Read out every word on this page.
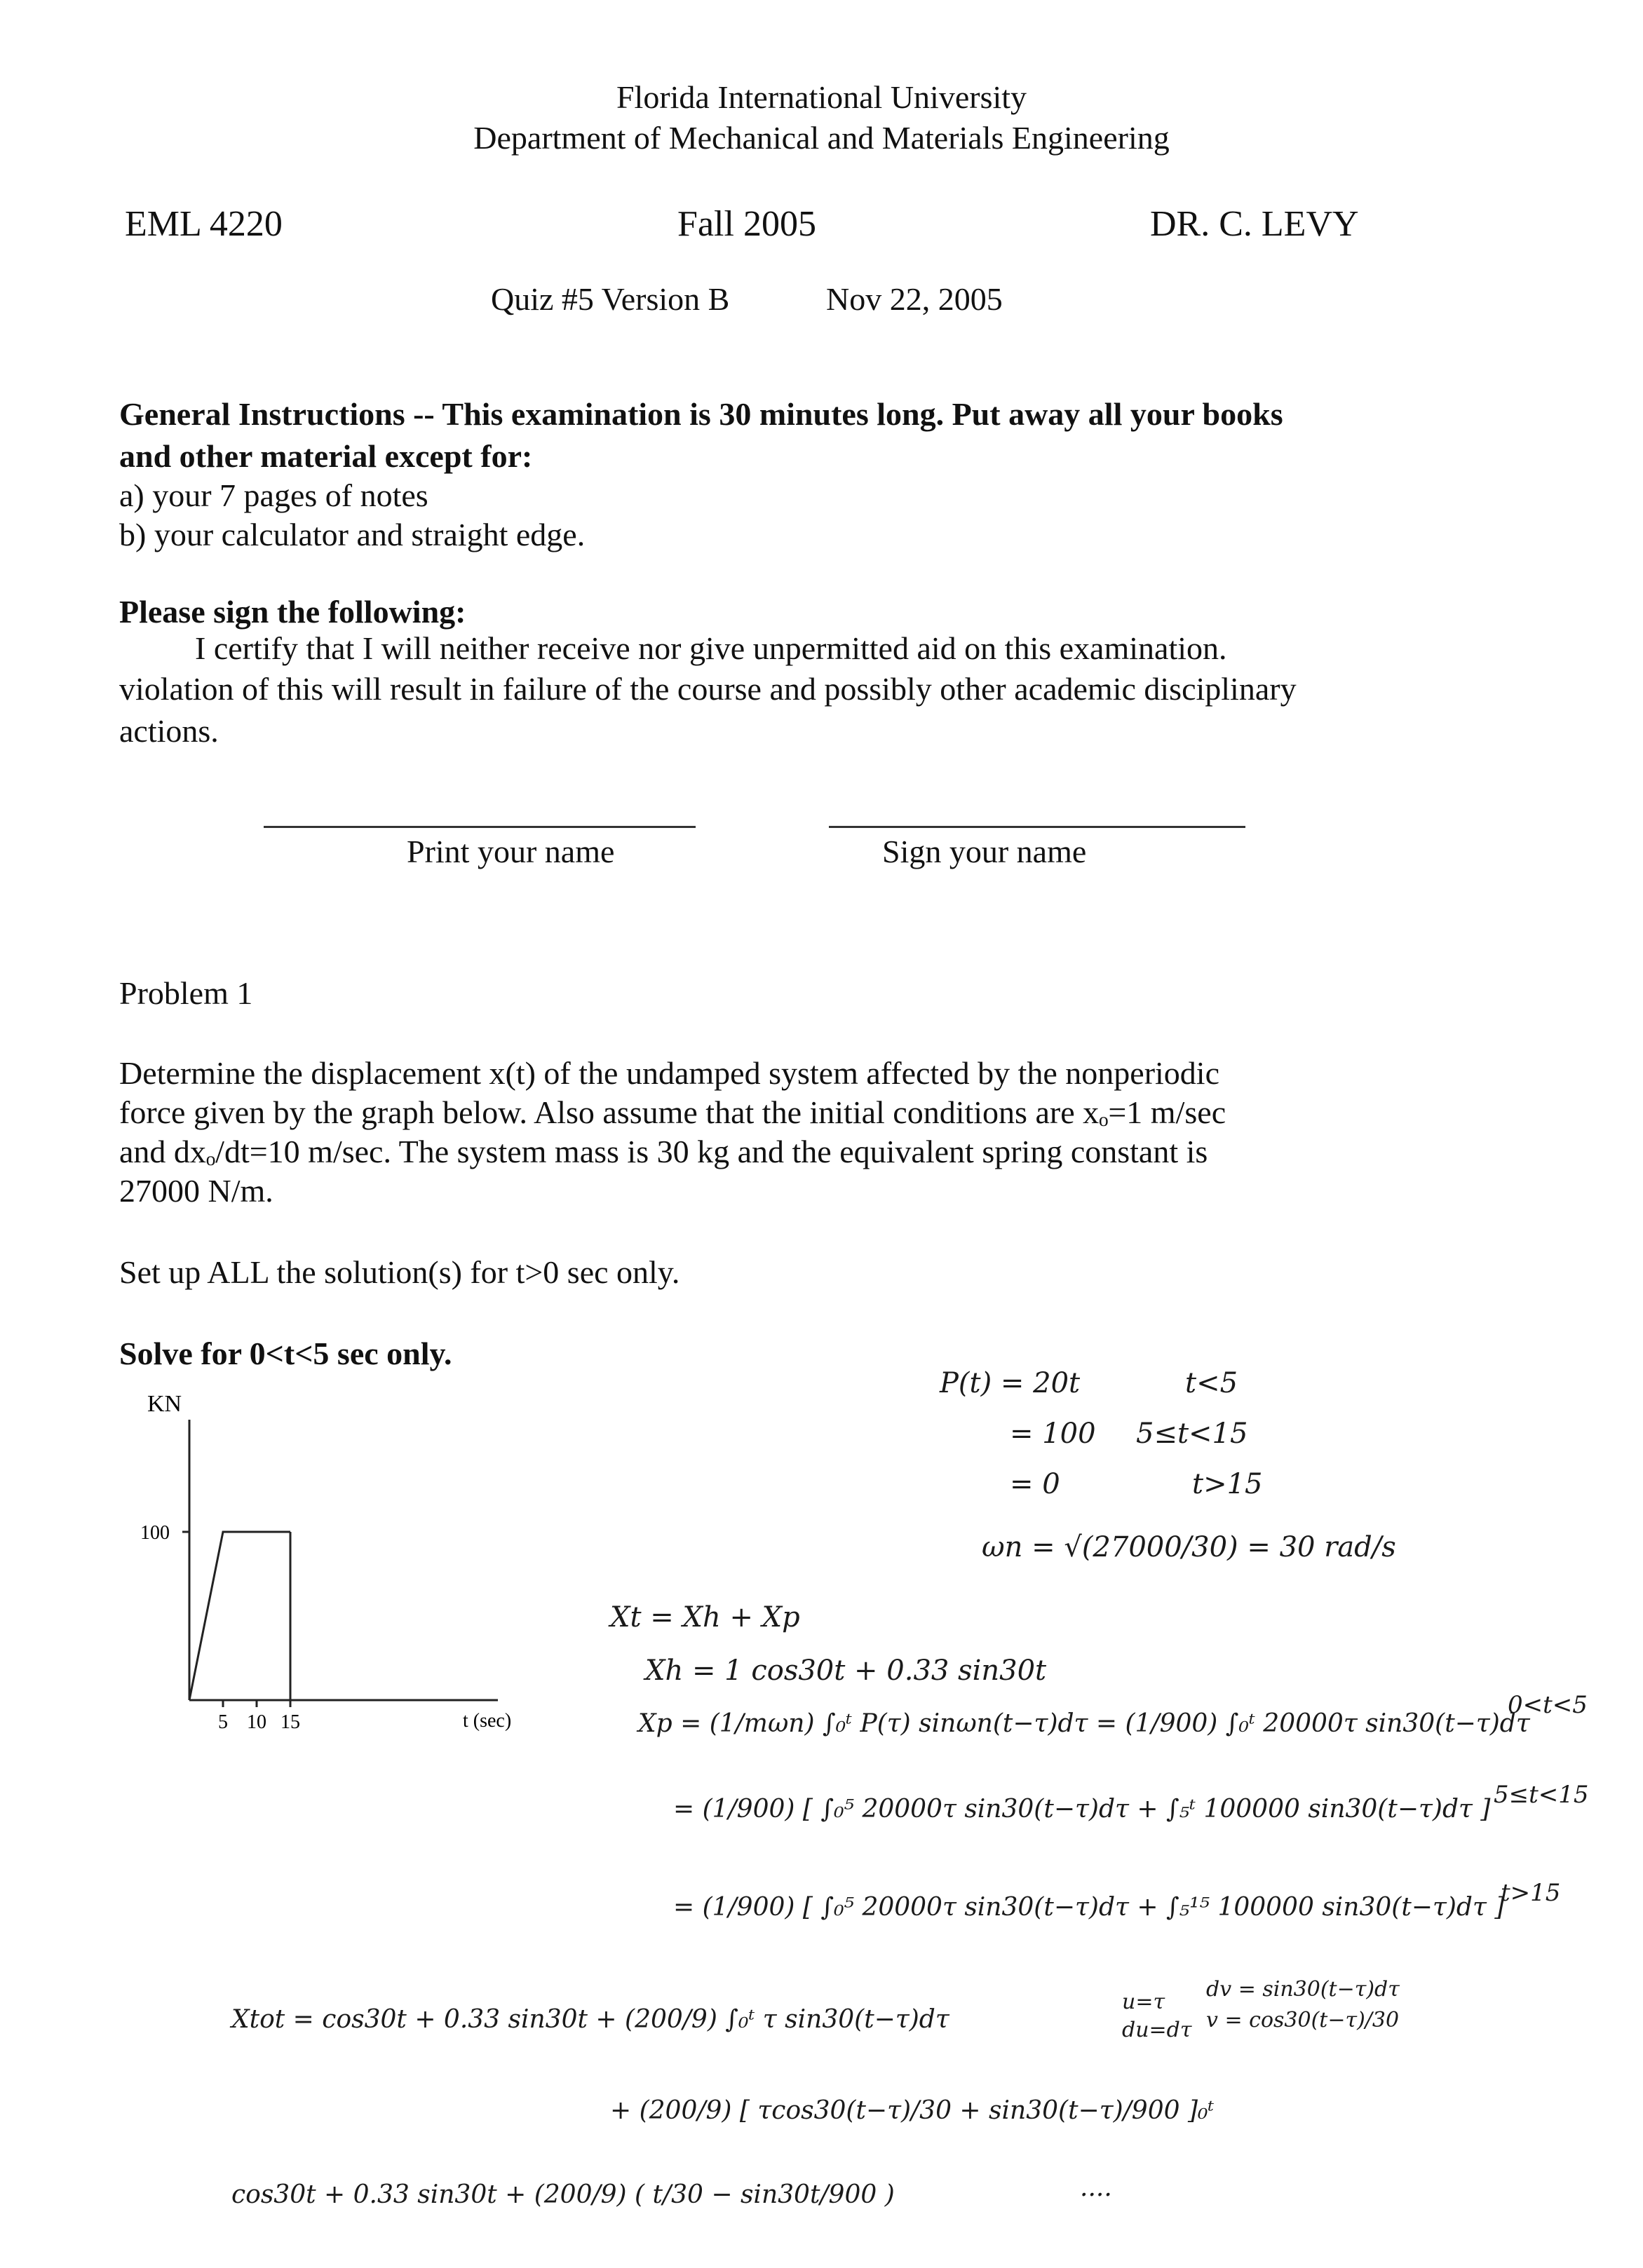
Florida International University
Department of Mechanical and Materials Engineering
EML 4220	Fall 2005	DR. C. LEVY
Quiz #5 Version B	Nov 22, 2005
General Instructions -- This examination is 30 minutes long. Put away all your books
and other material except for:
a) your 7 pages of notes
b) your calculator and straight edge.
Please sign the following:
I certify that I will neither receive nor give unpermitted aid on this examination.
violation of this will result in failure of the course and possibly other academic disciplinary
actions.
Print your name	Sign your name
Problem 1
Determine the displacement x(t) of the undamped system affected by the nonperiodic
force given by the graph below. Also assume that the initial conditions are xₒ=1 m/sec
and dxₒ/dt=10 m/sec. The system mass is 30 kg and the equivalent spring constant is
27000 N/m.
Set up ALL the solution(s) for t>0 sec only.
Solve for 0<t<5 sec only.
KN
100
5 10 15	t (sec)
P(t) = 20t	t<5
= 100 5≤t<15
= 0	t>15
ωn = √(27000/30) = 30 rad/s
Xt = Xh + Xp
Xh = 1 cos30t + 0.33 sin30t
Xp = (1/mωn) ∫₀ᵗ P(τ) sinωn(t−τ)dτ = (1/900) ∫₀ᵗ 20000τ sin30(t−τ)dτ
0<t<5
= (1/900) [ ∫₀⁵ 20000τ sin30(t−τ)dτ + ∫₅ᵗ 100000 sin30(t−τ)dτ ] 5≤t<15
= (1/900) [ ∫₀⁵ 20000τ sin30(t−τ)dτ + ∫₅¹⁵ 100000 sin30(t−τ)dτ ]
t>15
Xtot = cos30t + 0.33 sin30t + (200/9) ∫₀ᵗ τ sin30(t−τ)dτ
u=τ
du=dτ
dv = sin30(t−τ)dτ
v = cos30(t−τ)/30
+ (200/9) [ τcos30(t−τ)/30 + sin30(t−τ)/900 ]₀ᵗ
cos30t + 0.33 sin30t + (200/9) ( t/30 − sin30t/900 )	....
